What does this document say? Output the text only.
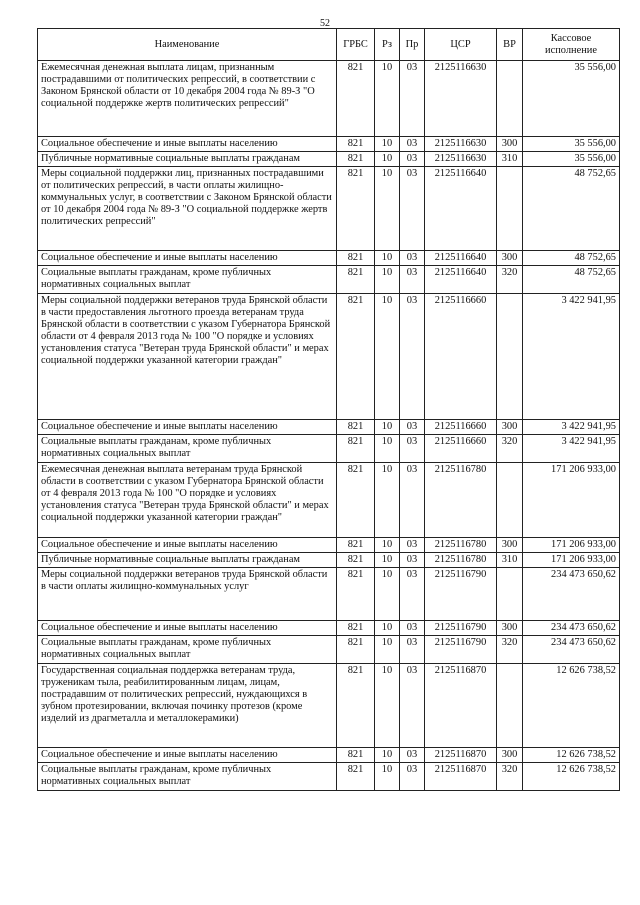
52
Наименование	ГРБС	Рз	Пр	ЦСР	ВР	Кассовое исполнение
Ежемесячная денежная выплата лицам, признанным пострадавшими от политических репрессий, в соответствии с Законом Брянской области от 10 декабря 2004 года № 89-З "О социальной поддержке жертв политических репрессий"	821	10	03	2125116630		35 556,00
Социальное обеспечение и иные выплаты населению	821	10	03	2125116630	300	35 556,00
Публичные нормативные социальные выплаты гражданам	821	10	03	2125116630	310	35 556,00
Меры социальной поддержки лиц, признанных пострадавшими от политических репрессий, в части оплаты жилищно-коммунальных услуг, в соответствии с Законом Брянской области от 10 декабря 2004 года № 89-З "О социальной поддержке жертв политических репрессий"	821	10	03	2125116640		48 752,65
Социальное обеспечение и иные выплаты населению	821	10	03	2125116640	300	48 752,65
Социальные выплаты гражданам, кроме публичных нормативных социальных выплат	821	10	03	2125116640	320	48 752,65
Меры социальной поддержки ветеранов труда Брянской области в части предоставления льготного проезда ветеранам труда Брянской области в соответствии с указом Губернатора Брянской области от 4 февраля 2013 года № 100 "О порядке и условиях установления статуса "Ветеран труда Брянской области" и мерах социальной поддержки указанной категории граждан"	821	10	03	2125116660		3 422 941,95
Социальное обеспечение и иные выплаты населению	821	10	03	2125116660	300	3 422 941,95
Социальные выплаты гражданам, кроме публичных нормативных социальных выплат	821	10	03	2125116660	320	3 422 941,95
Ежемесячная денежная выплата ветеранам труда Брянской области в соответствии с указом Губернатора Брянской области от 4 февраля 2013 года № 100 "О порядке и условиях установления статуса "Ветеран труда Брянской области" и мерах социальной поддержки указанной категории граждан"	821	10	03	2125116780		171 206 933,00
Социальное обеспечение и иные выплаты населению	821	10	03	2125116780	300	171 206 933,00
Публичные нормативные социальные выплаты гражданам	821	10	03	2125116780	310	171 206 933,00
Меры социальной поддержки ветеранов труда Брянской области в части оплаты жилищно-коммунальных услуг	821	10	03	2125116790		234 473 650,62
Социальное обеспечение и иные выплаты населению	821	10	03	2125116790	300	234 473 650,62
Социальные выплаты гражданам, кроме публичных нормативных социальных выплат	821	10	03	2125116790	320	234 473 650,62
Государственная социальная поддержка ветеранам труда, труженикам тыла, реабилитированным лицам, лицам, пострадавшим от политических репрессий, нуждающихся в зубном протезировании, включая починку протезов (кроме изделий из драгметалла и металлокерамики)	821	10	03	2125116870		12 626 738,52
Социальное обеспечение и иные выплаты населению	821	10	03	2125116870	300	12 626 738,52
Социальные выплаты гражданам, кроме публичных нормативных социальных выплат	821	10	03	2125116870	320	12 626 738,52
